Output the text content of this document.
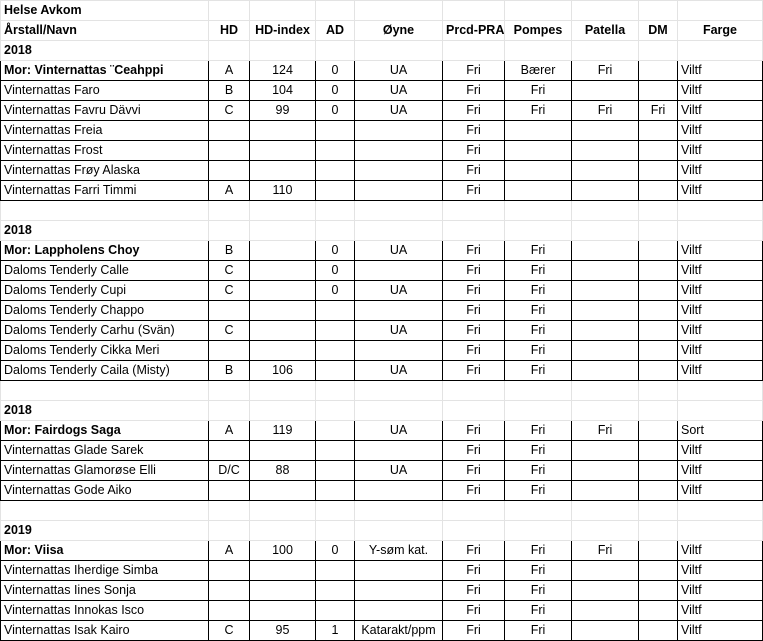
Helse Avkom									
Årstall/Navn	HD	HD-index	AD	Øyne	Prcd-PRA	Pompes	Patella	DM	Farge
2018									
Mor: Vinternattas ¨Ceahppi	A	124	0	UA	Fri	Bærer	Fri		Viltf
Vinternattas Faro	B	104	0	UA	Fri	Fri			Viltf
Vinternattas Favru Dävvi	C	99	0	UA	Fri	Fri	Fri	Fri	Viltf
Vinternattas Freia					Fri				Viltf
Vinternattas Frost					Fri				Viltf
Vinternattas Frøy Alaska					Fri				Viltf
Vinternattas Farri Timmi	A	110			Fri				Viltf

2018									
Mor: Lappholens Choy	B		0	UA	Fri	Fri			Viltf
Daloms Tenderly Calle	C		0		Fri	Fri			Viltf
Daloms Tenderly Cupi	C		0	UA	Fri	Fri			Viltf
Daloms Tenderly Chappo					Fri	Fri			Viltf
Daloms Tenderly Carhu (Svän)	C			UA	Fri	Fri			Viltf
Daloms Tenderly Cikka Meri					Fri	Fri			Viltf
Daloms Tenderly Caila (Misty)	B	106		UA	Fri	Fri			Viltf

2018									
Mor: Fairdogs Saga	A	119		UA	Fri	Fri	Fri		Sort
Vinternattas Glade Sarek					Fri	Fri			Viltf
Vinternattas Glamorøse Elli	D/C	88		UA	Fri	Fri			Viltf
Vinternattas Gode Aiko					Fri	Fri			Viltf

2019									
Mor: Viisa	A	100	0	Y-søm kat.	Fri	Fri	Fri		Viltf
Vinternattas Iherdige Simba					Fri	Fri			Viltf
Vinternattas Iines Sonja					Fri	Fri			Viltf
Vinternattas Innokas Isco					Fri	Fri			Viltf
Vinternattas Isak Kairo	C	95	1	Katarakt/ppm	Fri	Fri			Viltf
